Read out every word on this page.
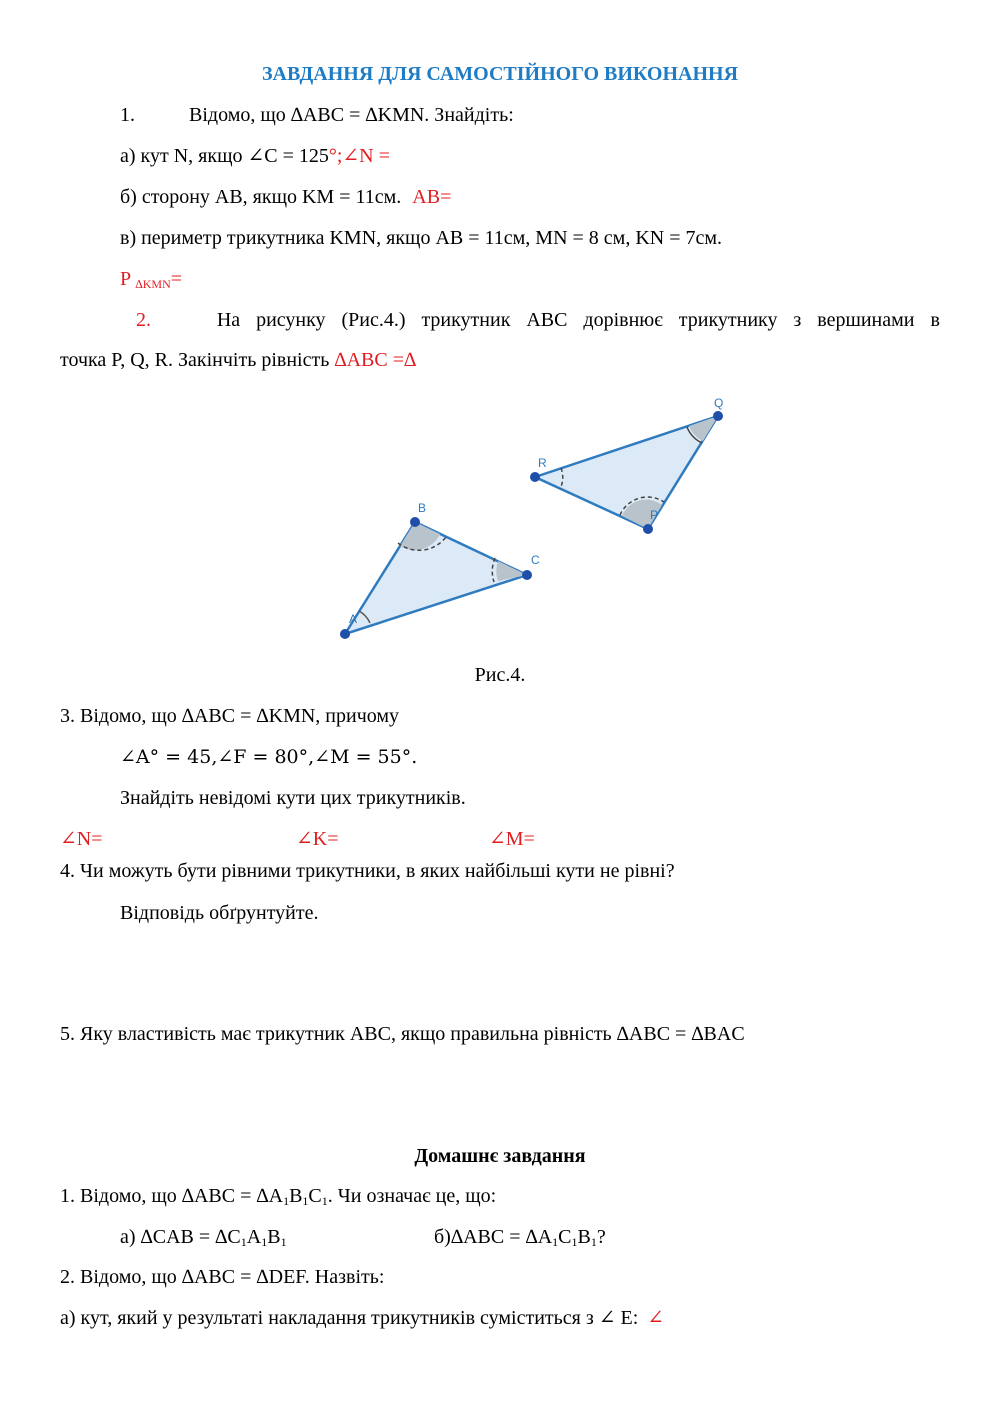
ЗАВДАННЯ ДЛЯ САМОСТІЙНОГО ВИКОНАННЯ
1.	Відомо, що ∆ABC = ∆KMN. Знайдіть:
а) кут N, якщо ∠C = 125°;∠N =
б) сторону AB, якщо KM = 11см. AB=
в) периметр трикутника KMN, якщо AB = 11см, MN = 8 см, KN = 7см.
P $_{\Delta KMN}$=
2.	На рисунку (Рис.4.) трикутник ABC дорівнює трикутнику з вершинами в
точка P, Q, R. Закінчіть рівність ∆ABC =∆
A
B
C
R
Q
P
Рис.4.
3. Відомо, що ∆ABC = ∆KMN, причому
∠A° = 45,∠F = 80°,∠M = 55°.
Знайдіть невідомі кути цих трикутників.
∠N=	∠K=	∠M=
4. Чи можуть бути рівними трикутники, в яких найбільші кути не рівні?
Відповідь обґрунтуйте.
5. Яку властивість має трикутник ABC, якщо правильна рівність ∆ABC = ∆BAC
Домашнє завдання
1. Відомо, що $\Delta ABC = \Delta A_1B_1C_1$. Чи означає це, що:
а) $\Delta CAB = \Delta C_1A_1B_1$	$б)\Delta ABC = \Delta A_1C_1B_1$?
2. Відомо, що ∆ABC = ∆DEF. Назвіть:
а) кут, який у результаті накладання трикутників суміститься з ∠ E: ∠
